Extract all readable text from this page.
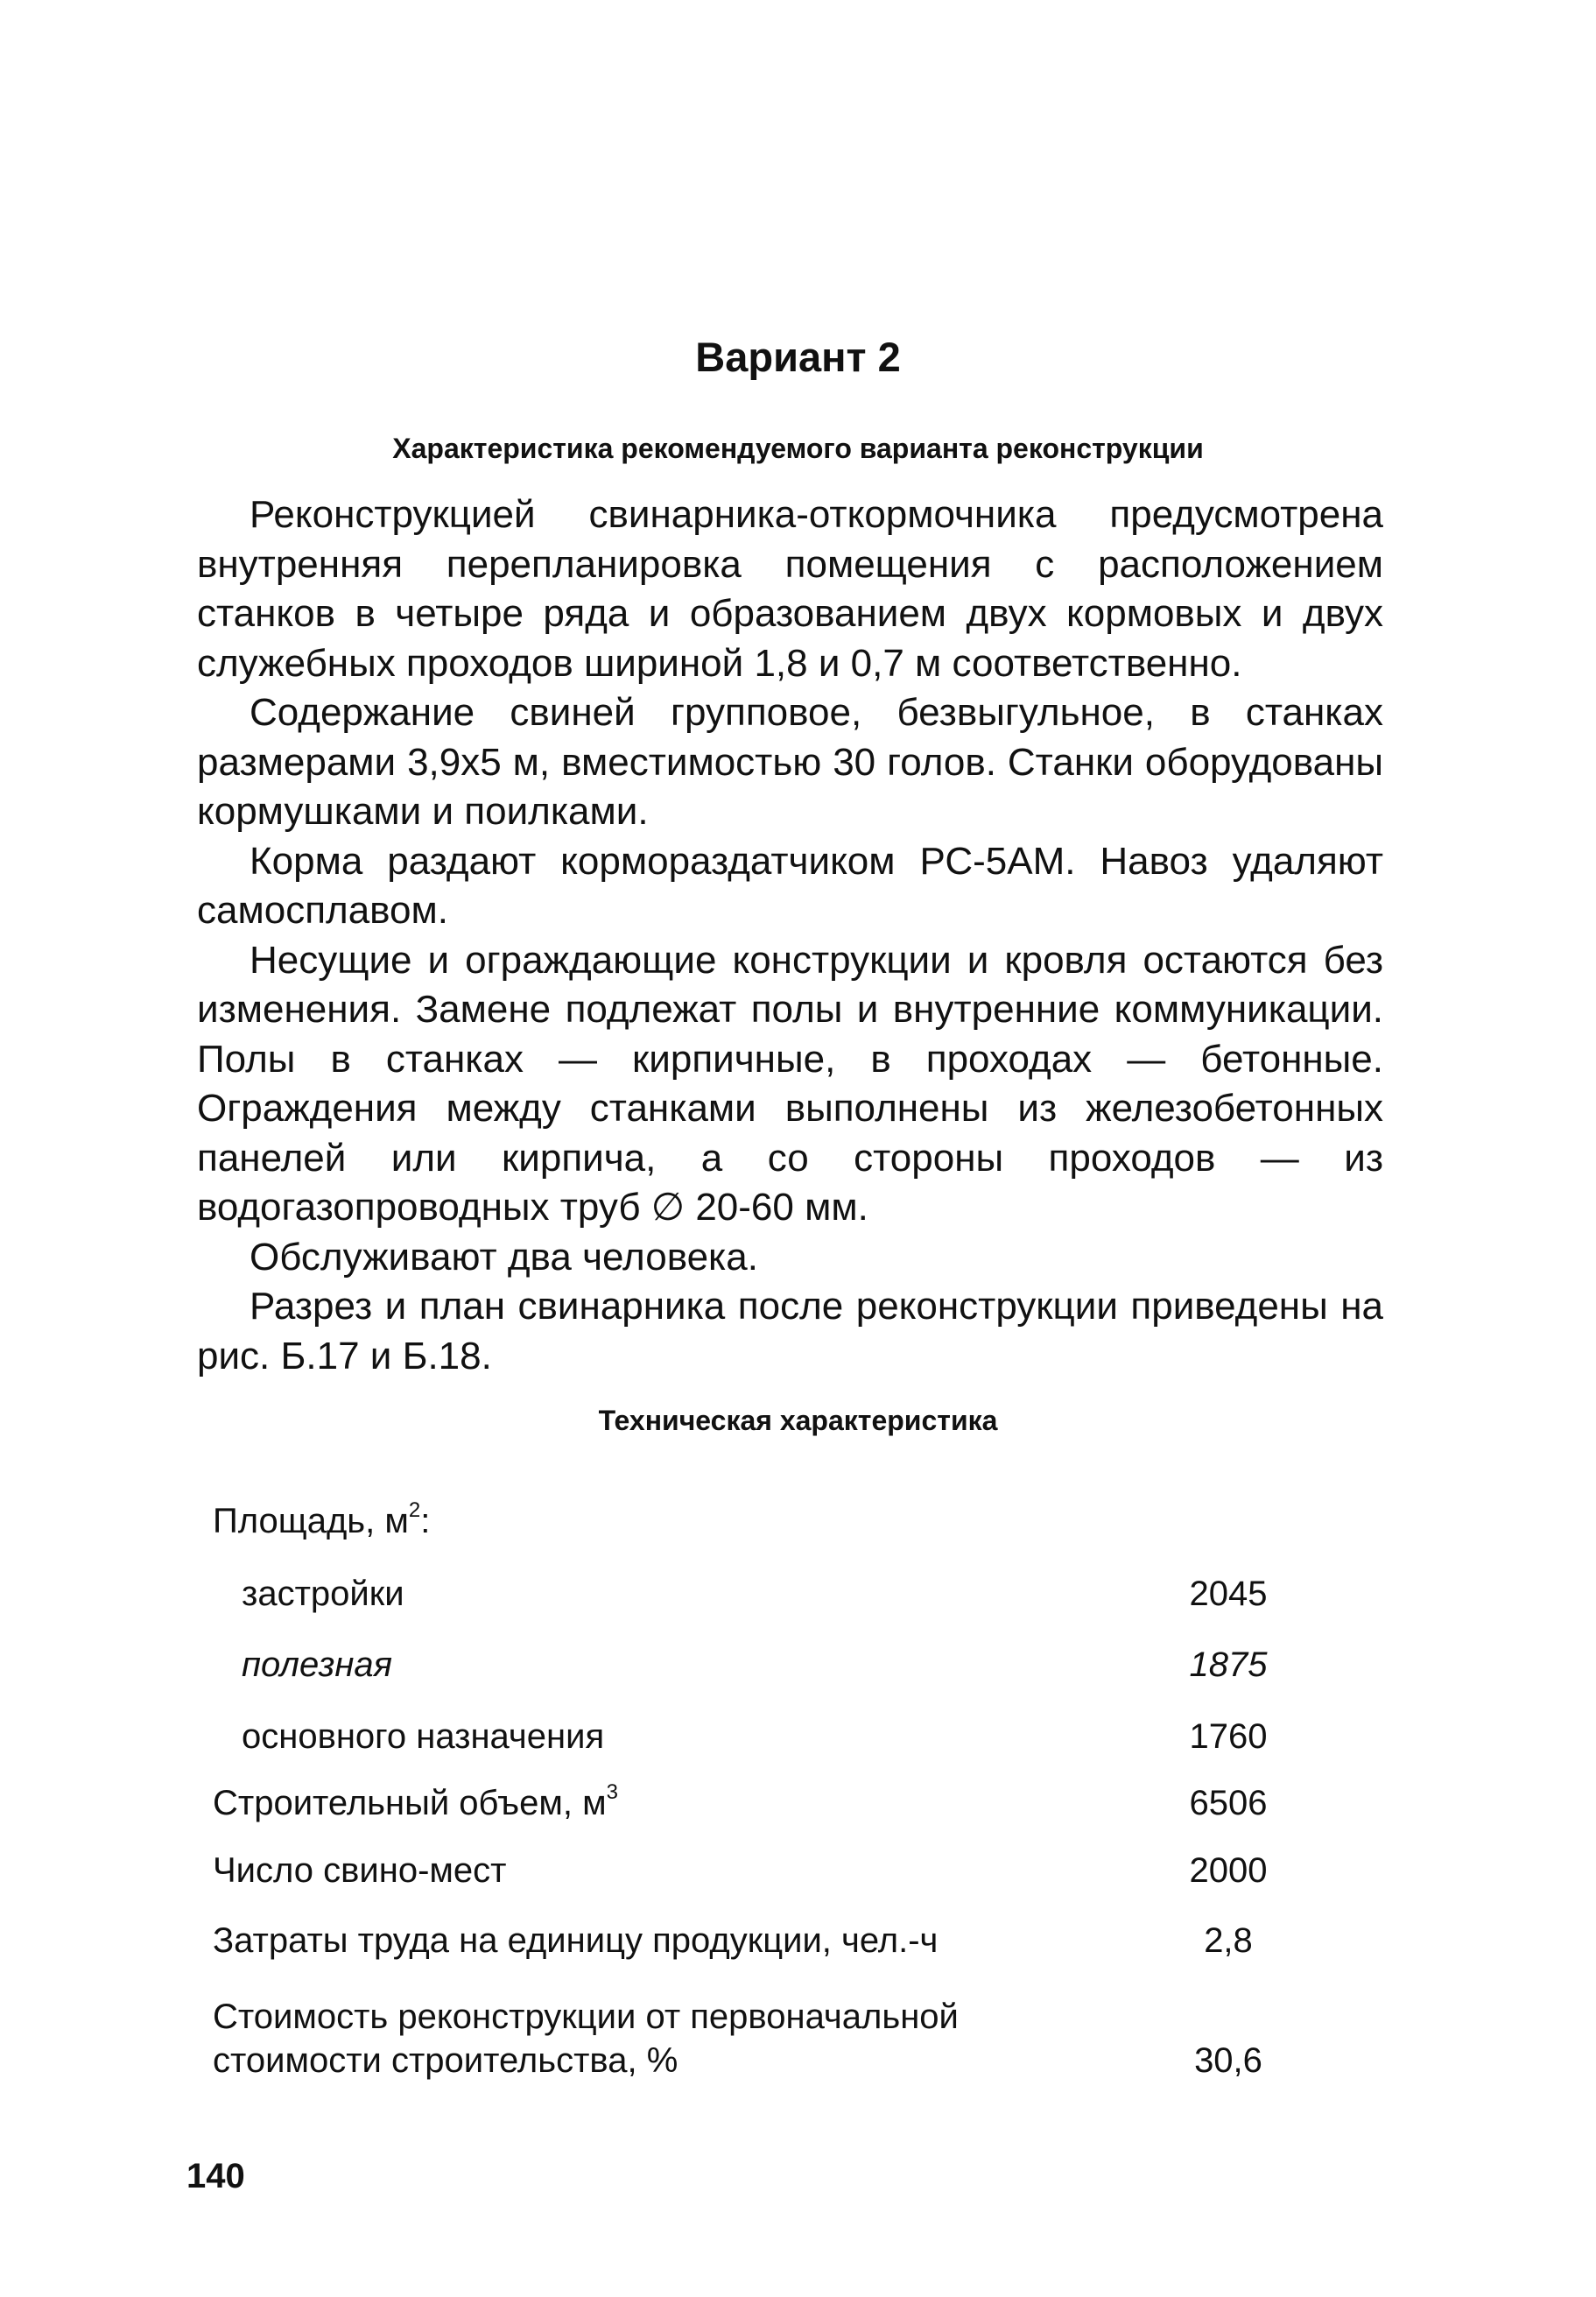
Вариант 2
Характеристика рекомендуемого варианта реконструкции

Реконструкцией свинарника-откормочника предусмотрена внутренняя перепланировка помещения с расположением станков в четыре ряда и образованием двух кормовых и двух служебных проходов шириной 1,8 и 0,7 м соответственно.

Содержание свиней групповое, безвыгульное, в станках размерами 3,9x5 м, вместимостью 30 голов. Станки оборудованы кормушками и поилками.

Корма раздают кормораздатчиком РС-5АМ. Навоз удаляют самосплавом.

Несущие и ограждающие конструкции и кровля остаются без изменения. Замене подлежат полы и внутренние коммуникации. Полы в станках — кирпичные, в проходах — бетонные. Ограждения между станками выполнены из железобетонных панелей или кирпича, а со стороны проходов — из водогазопроводных труб ∅ 20-60 мм.

Обслуживают два человека.

Разрез и план свинарника после реконструкции приведены на рис. Б.17 и Б.18.

Техническая характеристика

Площадь, $м^2$:

застройки	2045
полезная	1875
основного назначения	1760
Строительный объем, $м^3$	6506
Число свино-мест	2000
Затраты труда на единицу продукции, чел.-ч	2,8
Стоимость реконструкции от первоначальной
стоимости строительства, %	30,6

140
